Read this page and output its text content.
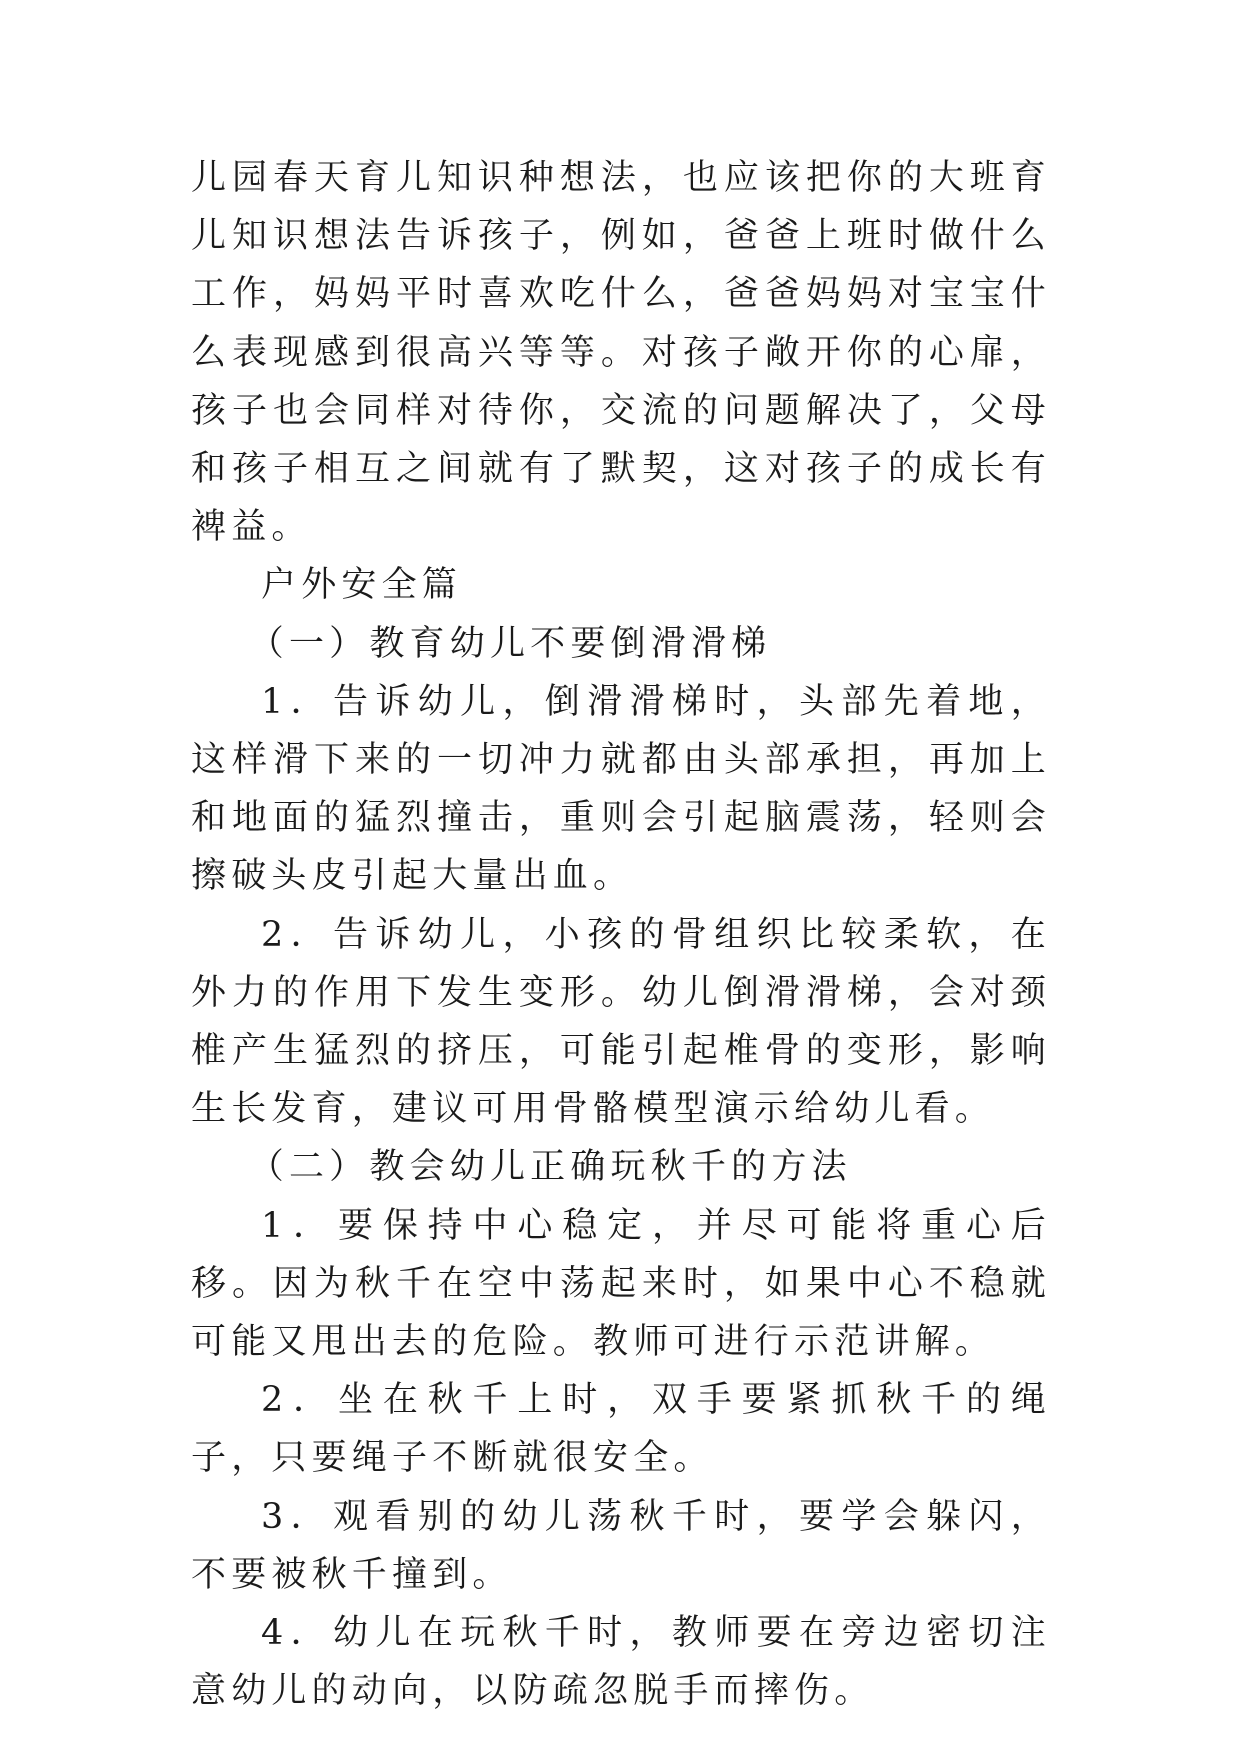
儿园春天育儿知识种想法，也应该把你的大班育儿知识想法告诉孩子，例如，爸爸上班时做什么工作，妈妈平时喜欢吃什么，爸爸妈妈对宝宝什么表现感到很高兴等等。对孩子敞开你的心扉，孩子也会同样对待你，交流的问题解决了，父母和孩子相互之间就有了默契，这对孩子的成长有裨益。

户外安全篇

（一）教育幼儿不要倒滑滑梯

1．告诉幼儿，倒滑滑梯时，头部先着地，这样滑下来的一切冲力就都由头部承担，再加上和地面的猛烈撞击，重则会引起脑震荡，轻则会擦破头皮引起大量出血。

2．告诉幼儿，小孩的骨组织比较柔软，在外力的作用下发生变形。幼儿倒滑滑梯，会对颈椎产生猛烈的挤压，可能引起椎骨的变形，影响生长发育，建议可用骨骼模型演示给幼儿看。

（二）教会幼儿正确玩秋千的方法

1．要保持中心稳定，并尽可能将重心后移。因为秋千在空中荡起来时，如果中心不稳就可能又甩出去的危险。教师可进行示范讲解。

2．坐在秋千上时，双手要紧抓秋千的绳子，只要绳子不断就很安全。

3．观看别的幼儿荡秋千时，要学会躲闪，不要被秋千撞到。

4．幼儿在玩秋千时，教师要在旁边密切注意幼儿的动向，以防疏忽脱手而摔伤。
